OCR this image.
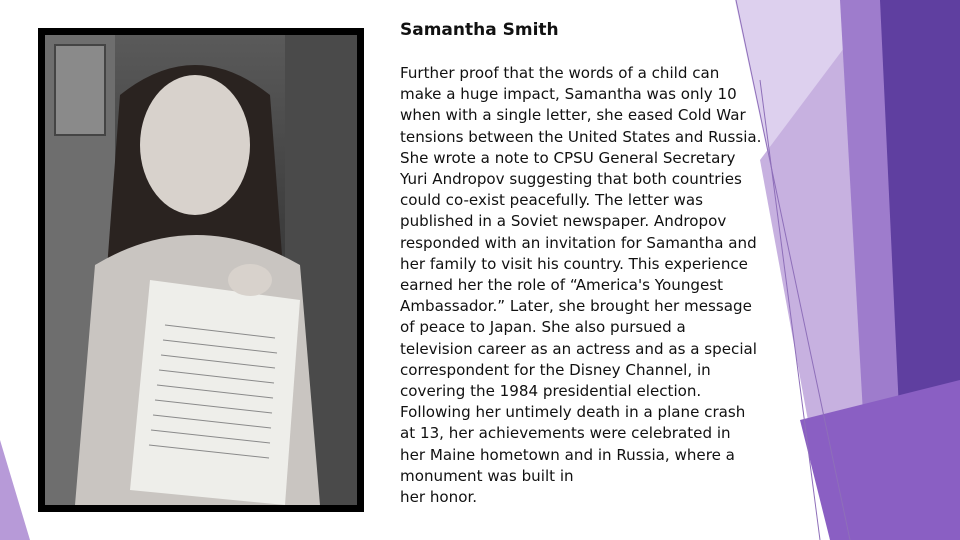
Samantha Smith
Further proof that the words of a child can
make a huge impact, Samantha was only 10
when with a single letter, she eased Cold War
tensions between the United States and Russia.
She wrote a note to CPSU General Secretary
Yuri Andropov suggesting that both countries
could co-exist peacefully. The letter was
published in a Soviet newspaper. Andropov
responded with an invitation for Samantha and
her family to visit his country. This experience
earned her the role of “America's Youngest
Ambassador.” Later, she brought her message
of peace to Japan. She also pursued a
television career as an actress and as a special
correspondent for the Disney Channel, in
covering the 1984 presidential election.
Following her untimely death in a plane crash
at 13, her achievements were celebrated in
her Maine hometown and in Russia, where a
monument was built in
her honor.
